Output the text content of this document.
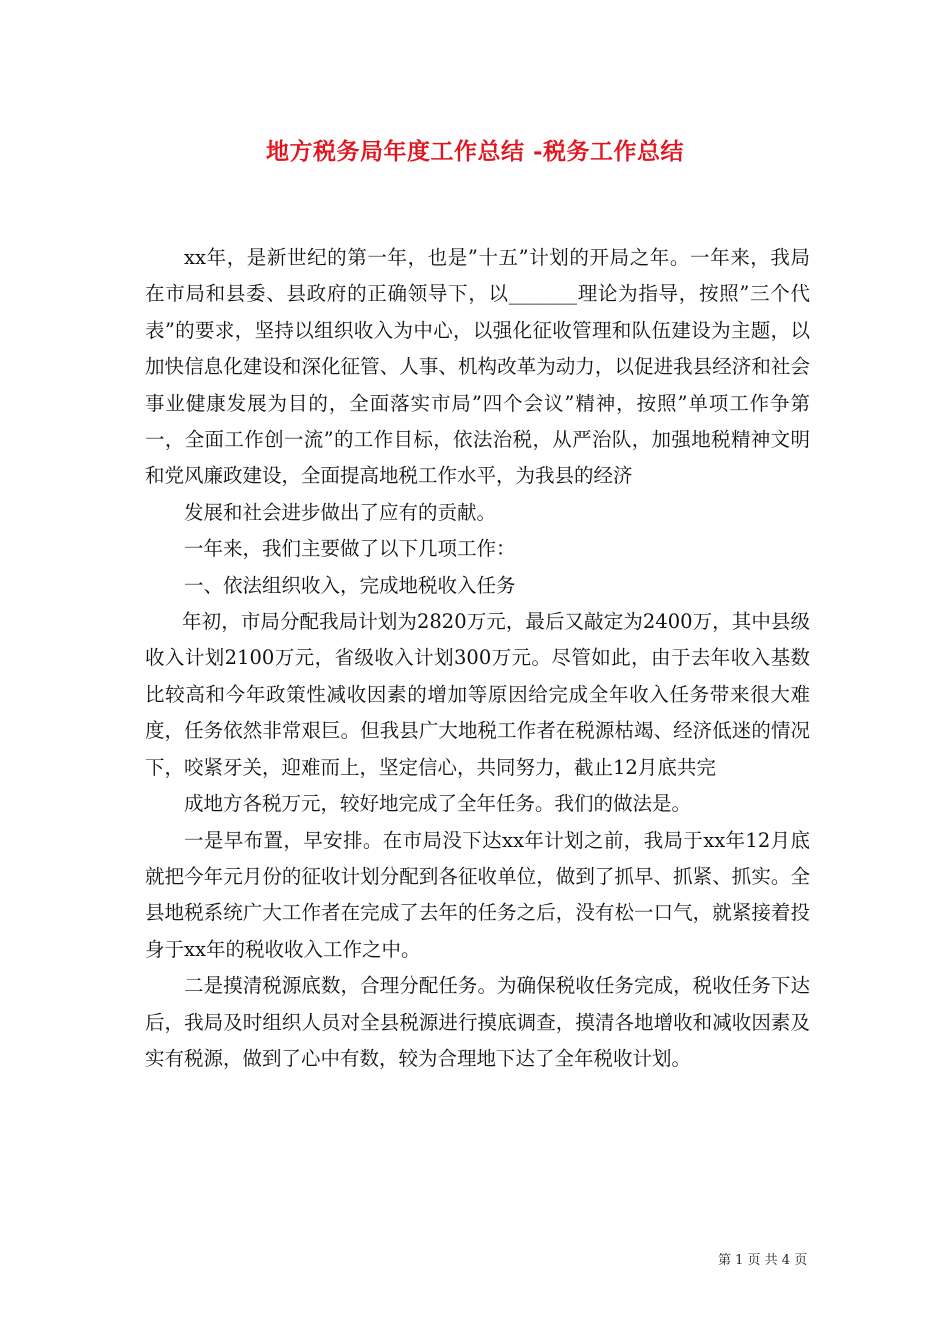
地方税务局年度工作总结 -税务工作总结

xx年，是新世纪的第一年，也是”十五”计划的开局之年。一年来，我局在市局和县委、县政府的正确领导下，以_______理论为指导，按照”三个代表”的要求，坚持以组织收入为中心，以强化征收管理和队伍建设为主题，以加快信息化建设和深化征管、人事、机构改革为动力，以促进我县经济和社会事业健康发展为目的，全面落实市局”四个会议”精神，按照”单项工作争第一，全面工作创一流”的工作目标，依法治税，从严治队，加强地税精神文明和党风廉政建设，全面提高地税工作水平，为我县的经济

发展和社会进步做出了应有的贡献。

一年来，我们主要做了以下几项工作：

一、依法组织收入，完成地税收入任务

年初，市局分配我局计划为2820万元，最后又敲定为2400万，其中县级收入计划2100万元，省级收入计划300万元。尽管如此，由于去年收入基数比较高和今年政策性减收因素的增加等原因给完成全年收入任务带来很大难度，任务依然非常艰巨。但我县广大地税工作者在税源枯竭、经济低迷的情况下，咬紧牙关，迎难而上，坚定信心，共同努力，截止12月底共完

成地方各税万元，较好地完成了全年任务。我们的做法是。

一是早布置，早安排。在市局没下达xx年计划之前，我局于xx年12月底就把今年元月份的征收计划分配到各征收单位，做到了抓早、抓紧、抓实。全县地税系统广大工作者在完成了去年的任务之后，没有松一口气，就紧接着投身于xx年的税收收入工作之中。

二是摸清税源底数，合理分配任务。为确保税收任务完成，税收任务下达后，我局及时组织人员对全县税源进行摸底调查，摸清各地增收和减收因素及实有税源，做到了心中有数，较为合理地下达了全年税收计划。

第 1 页 共 4 页
